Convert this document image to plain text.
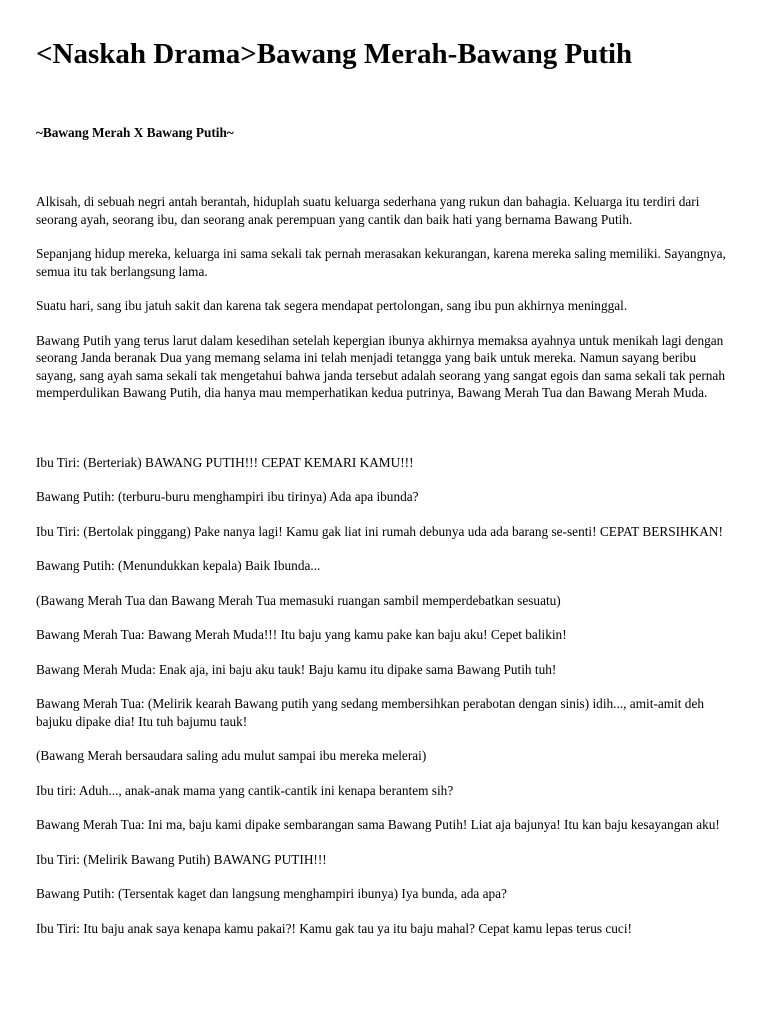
<Naskah Drama>Bawang Merah-Bawang Putih

~Bawang Merah X Bawang Putih~

Alkisah, di sebuah negri antah berantah, hiduplah suatu keluarga sederhana yang rukun dan bahagia. Keluarga itu terdiri dari seorang ayah, seorang ibu, dan seorang anak perempuan yang cantik dan baik hati yang bernama Bawang Putih.

Sepanjang hidup mereka, keluarga ini sama sekali tak pernah merasakan kekurangan, karena mereka saling memiliki. Sayangnya, semua itu tak berlangsung lama.

Suatu hari, sang ibu jatuh sakit dan karena tak segera mendapat pertolongan, sang ibu pun akhirnya meninggal.

Bawang Putih yang terus larut dalam kesedihan setelah kepergian ibunya akhirnya memaksa ayahnya untuk menikah lagi dengan seorang Janda beranak Dua yang memang selama ini telah menjadi tetangga yang baik untuk mereka. Namun sayang beribu sayang, sang ayah sama sekali tak mengetahui bahwa janda tersebut adalah seorang yang sangat egois dan sama sekali tak pernah memperdulikan Bawang Putih, dia hanya mau memperhatikan kedua putrinya, Bawang Merah Tua dan Bawang Merah Muda.

Ibu Tiri: (Berteriak) BAWANG PUTIH!!! CEPAT KEMARI KAMU!!!

Bawang Putih: (terburu-buru menghampiri ibu tirinya) Ada apa ibunda?

Ibu Tiri: (Bertolak pinggang) Pake nanya lagi! Kamu gak liat ini rumah debunya uda ada barang se-senti! CEPAT BERSIHKAN!

Bawang Putih: (Menundukkan kepala) Baik Ibunda...

(Bawang Merah Tua dan Bawang Merah Tua memasuki ruangan sambil memperdebatkan sesuatu)

Bawang Merah Tua: Bawang Merah Muda!!! Itu baju yang kamu pake kan baju aku! Cepet balikin!

Bawang Merah Muda: Enak aja, ini baju aku tauk! Baju kamu itu dipake sama Bawang Putih tuh!

Bawang Merah Tua: (Melirik kearah Bawang putih yang sedang membersihkan perabotan dengan sinis) idih..., amit-amit deh bajuku dipake dia! Itu tuh bajumu tauk!

(Bawang Merah bersaudara saling adu mulut sampai ibu mereka melerai)

Ibu tiri: Aduh..., anak-anak mama yang cantik-cantik ini kenapa berantem sih?

Bawang Merah Tua: Ini ma, baju kami dipake sembarangan sama Bawang Putih! Liat aja bajunya! Itu kan baju kesayangan aku!

Ibu Tiri: (Melirik Bawang Putih) BAWANG PUTIH!!!

Bawang Putih: (Tersentak kaget dan langsung menghampiri ibunya) Iya bunda, ada apa?

Ibu Tiri: Itu baju anak saya kenapa kamu pakai?! Kamu gak tau ya itu baju mahal? Cepat kamu lepas terus cuci!
